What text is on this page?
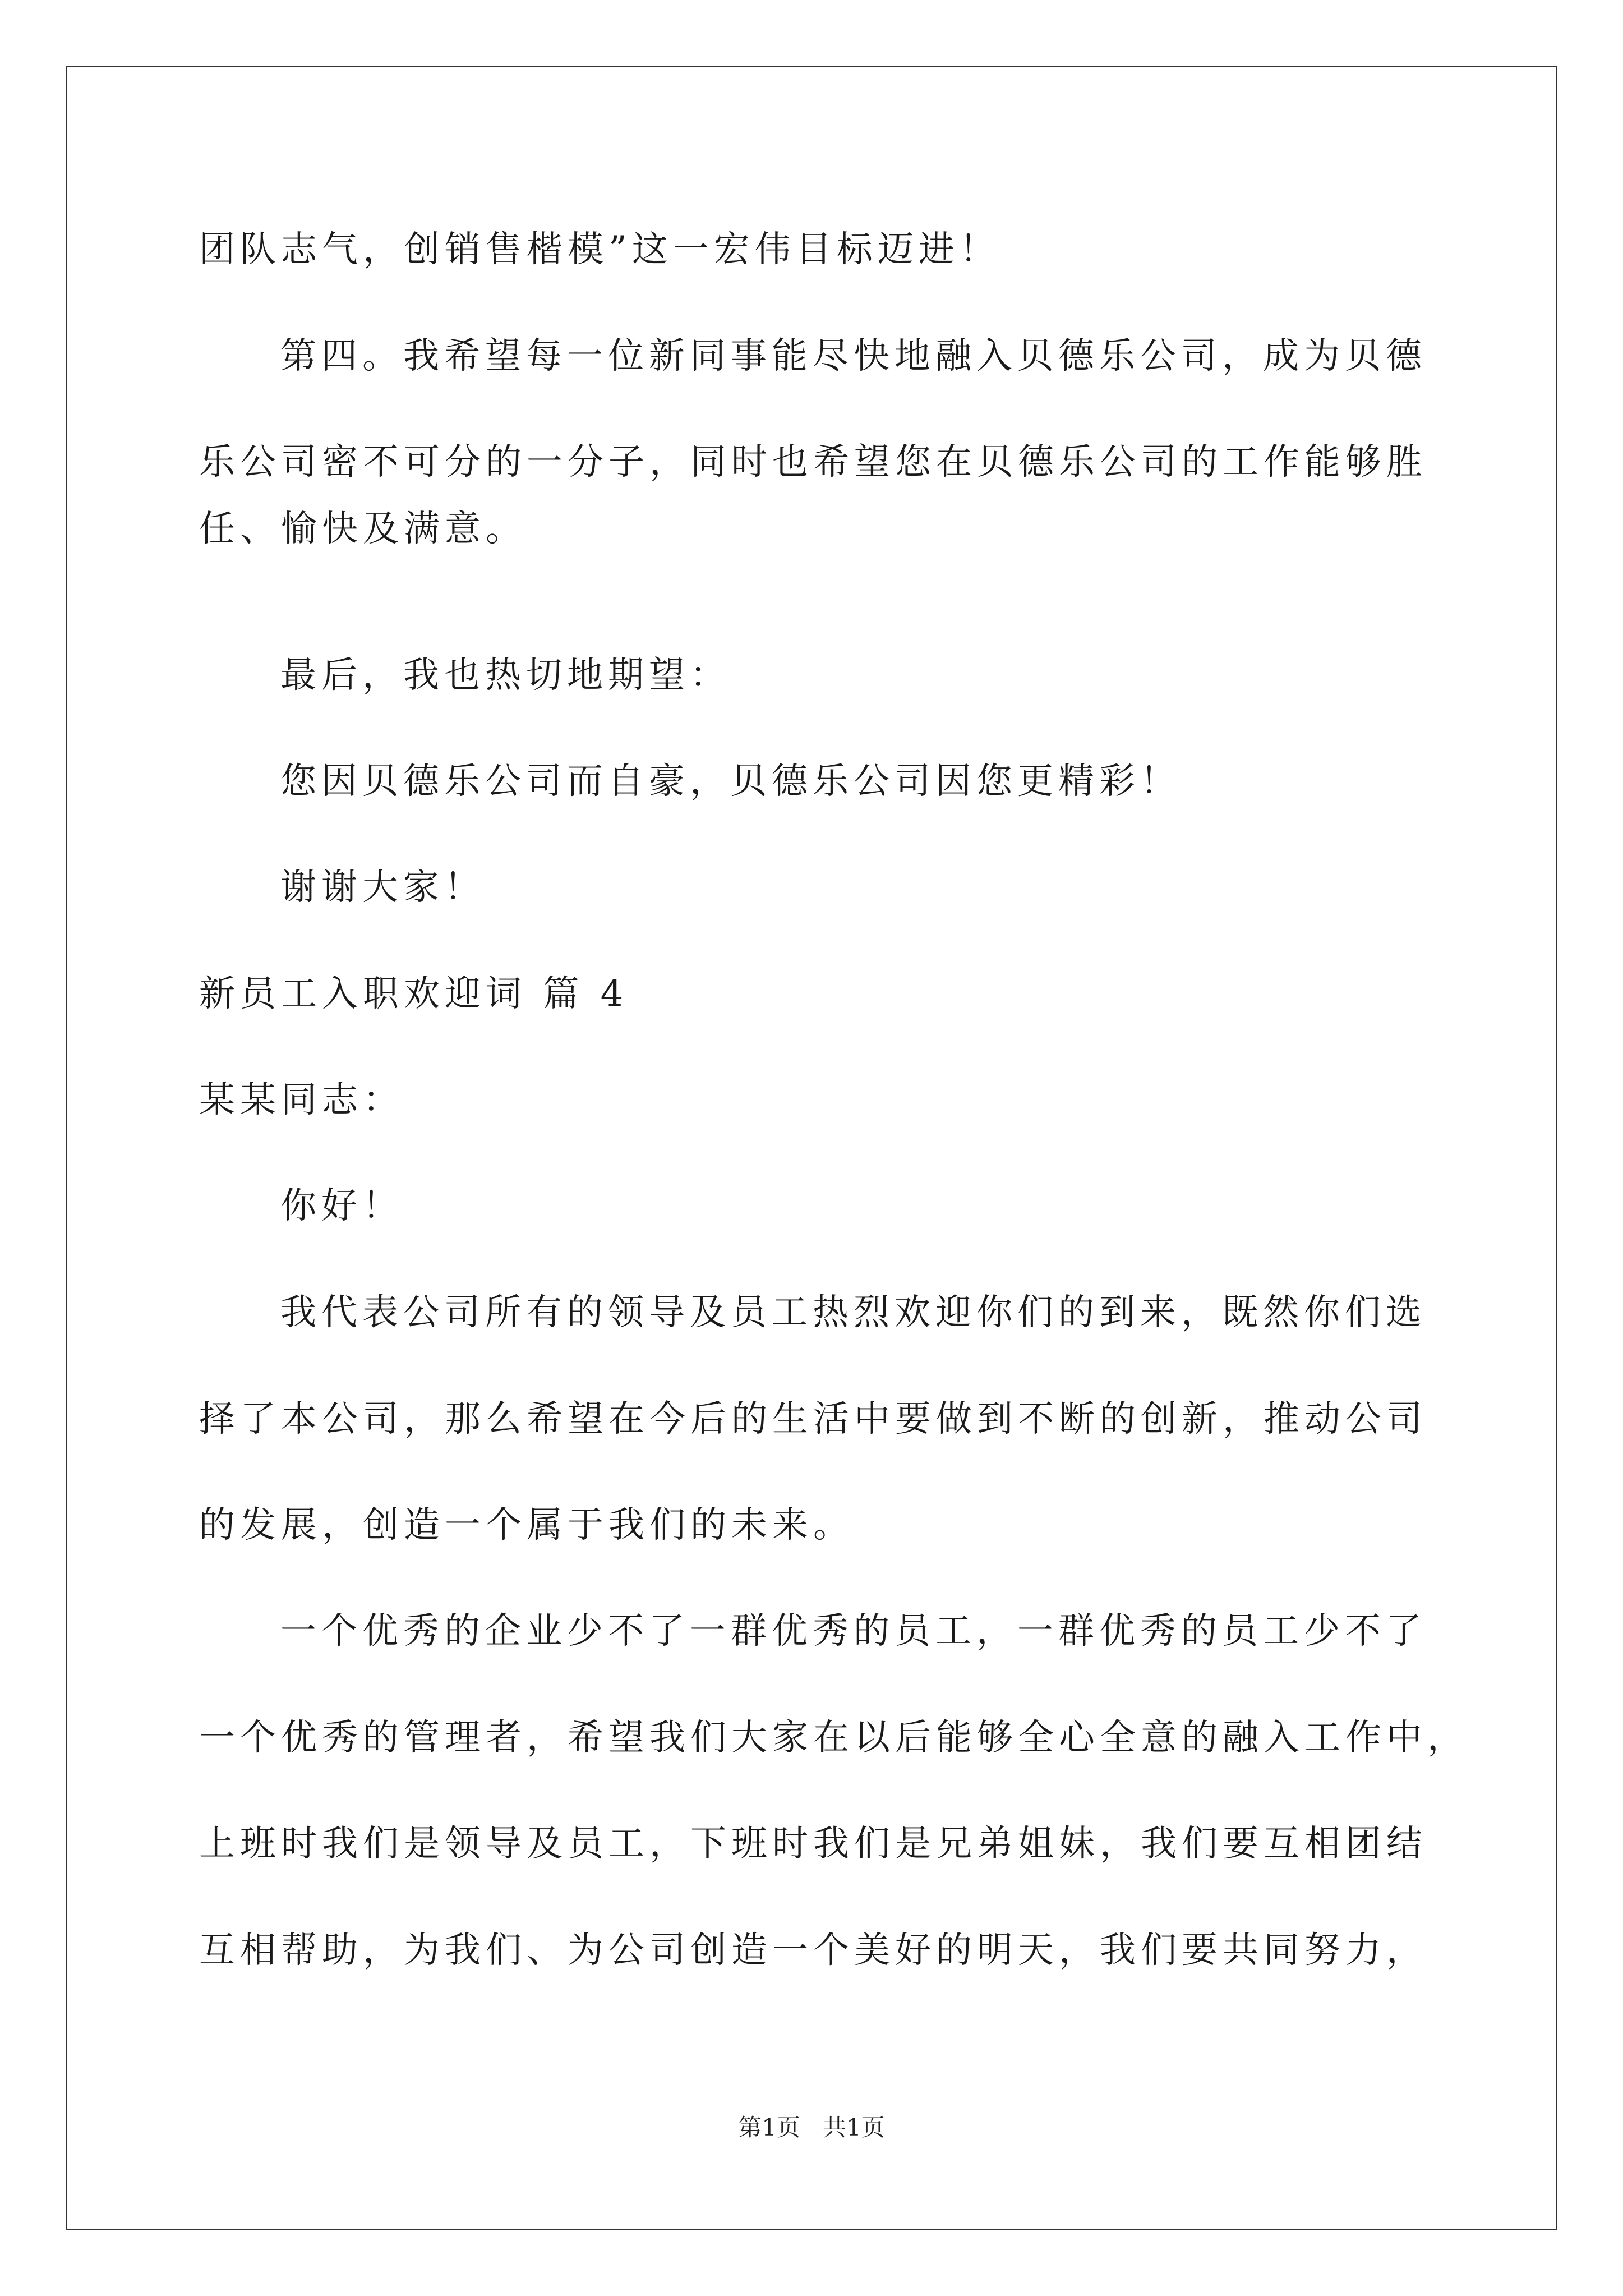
团队志气，创销售楷模”这一宏伟目标迈进！
第四。我希望每一位新同事能尽快地融入贝德乐公司，成为贝德
乐公司密不可分的一分子，同时也希望您在贝德乐公司的工作能够胜
任、愉快及满意。
最后，我也热切地期望：
您因贝德乐公司而自豪，贝德乐公司因您更精彩！
谢谢大家！
新员工入职欢迎词 篇 4
某某同志：
你好！
我代表公司所有的领导及员工热烈欢迎你们的到来，既然你们选
择了本公司，那么希望在今后的生活中要做到不断的创新，推动公司
的发展，创造一个属于我们的未来。
一个优秀的企业少不了一群优秀的员工，一群优秀的员工少不了
一个优秀的管理者，希望我们大家在以后能够全心全意的融入工作中，
上班时我们是领导及员工，下班时我们是兄弟姐妹，我们要互相团结
互相帮助，为我们、为公司创造一个美好的明天，我们要共同努力，
第1页   共1页
